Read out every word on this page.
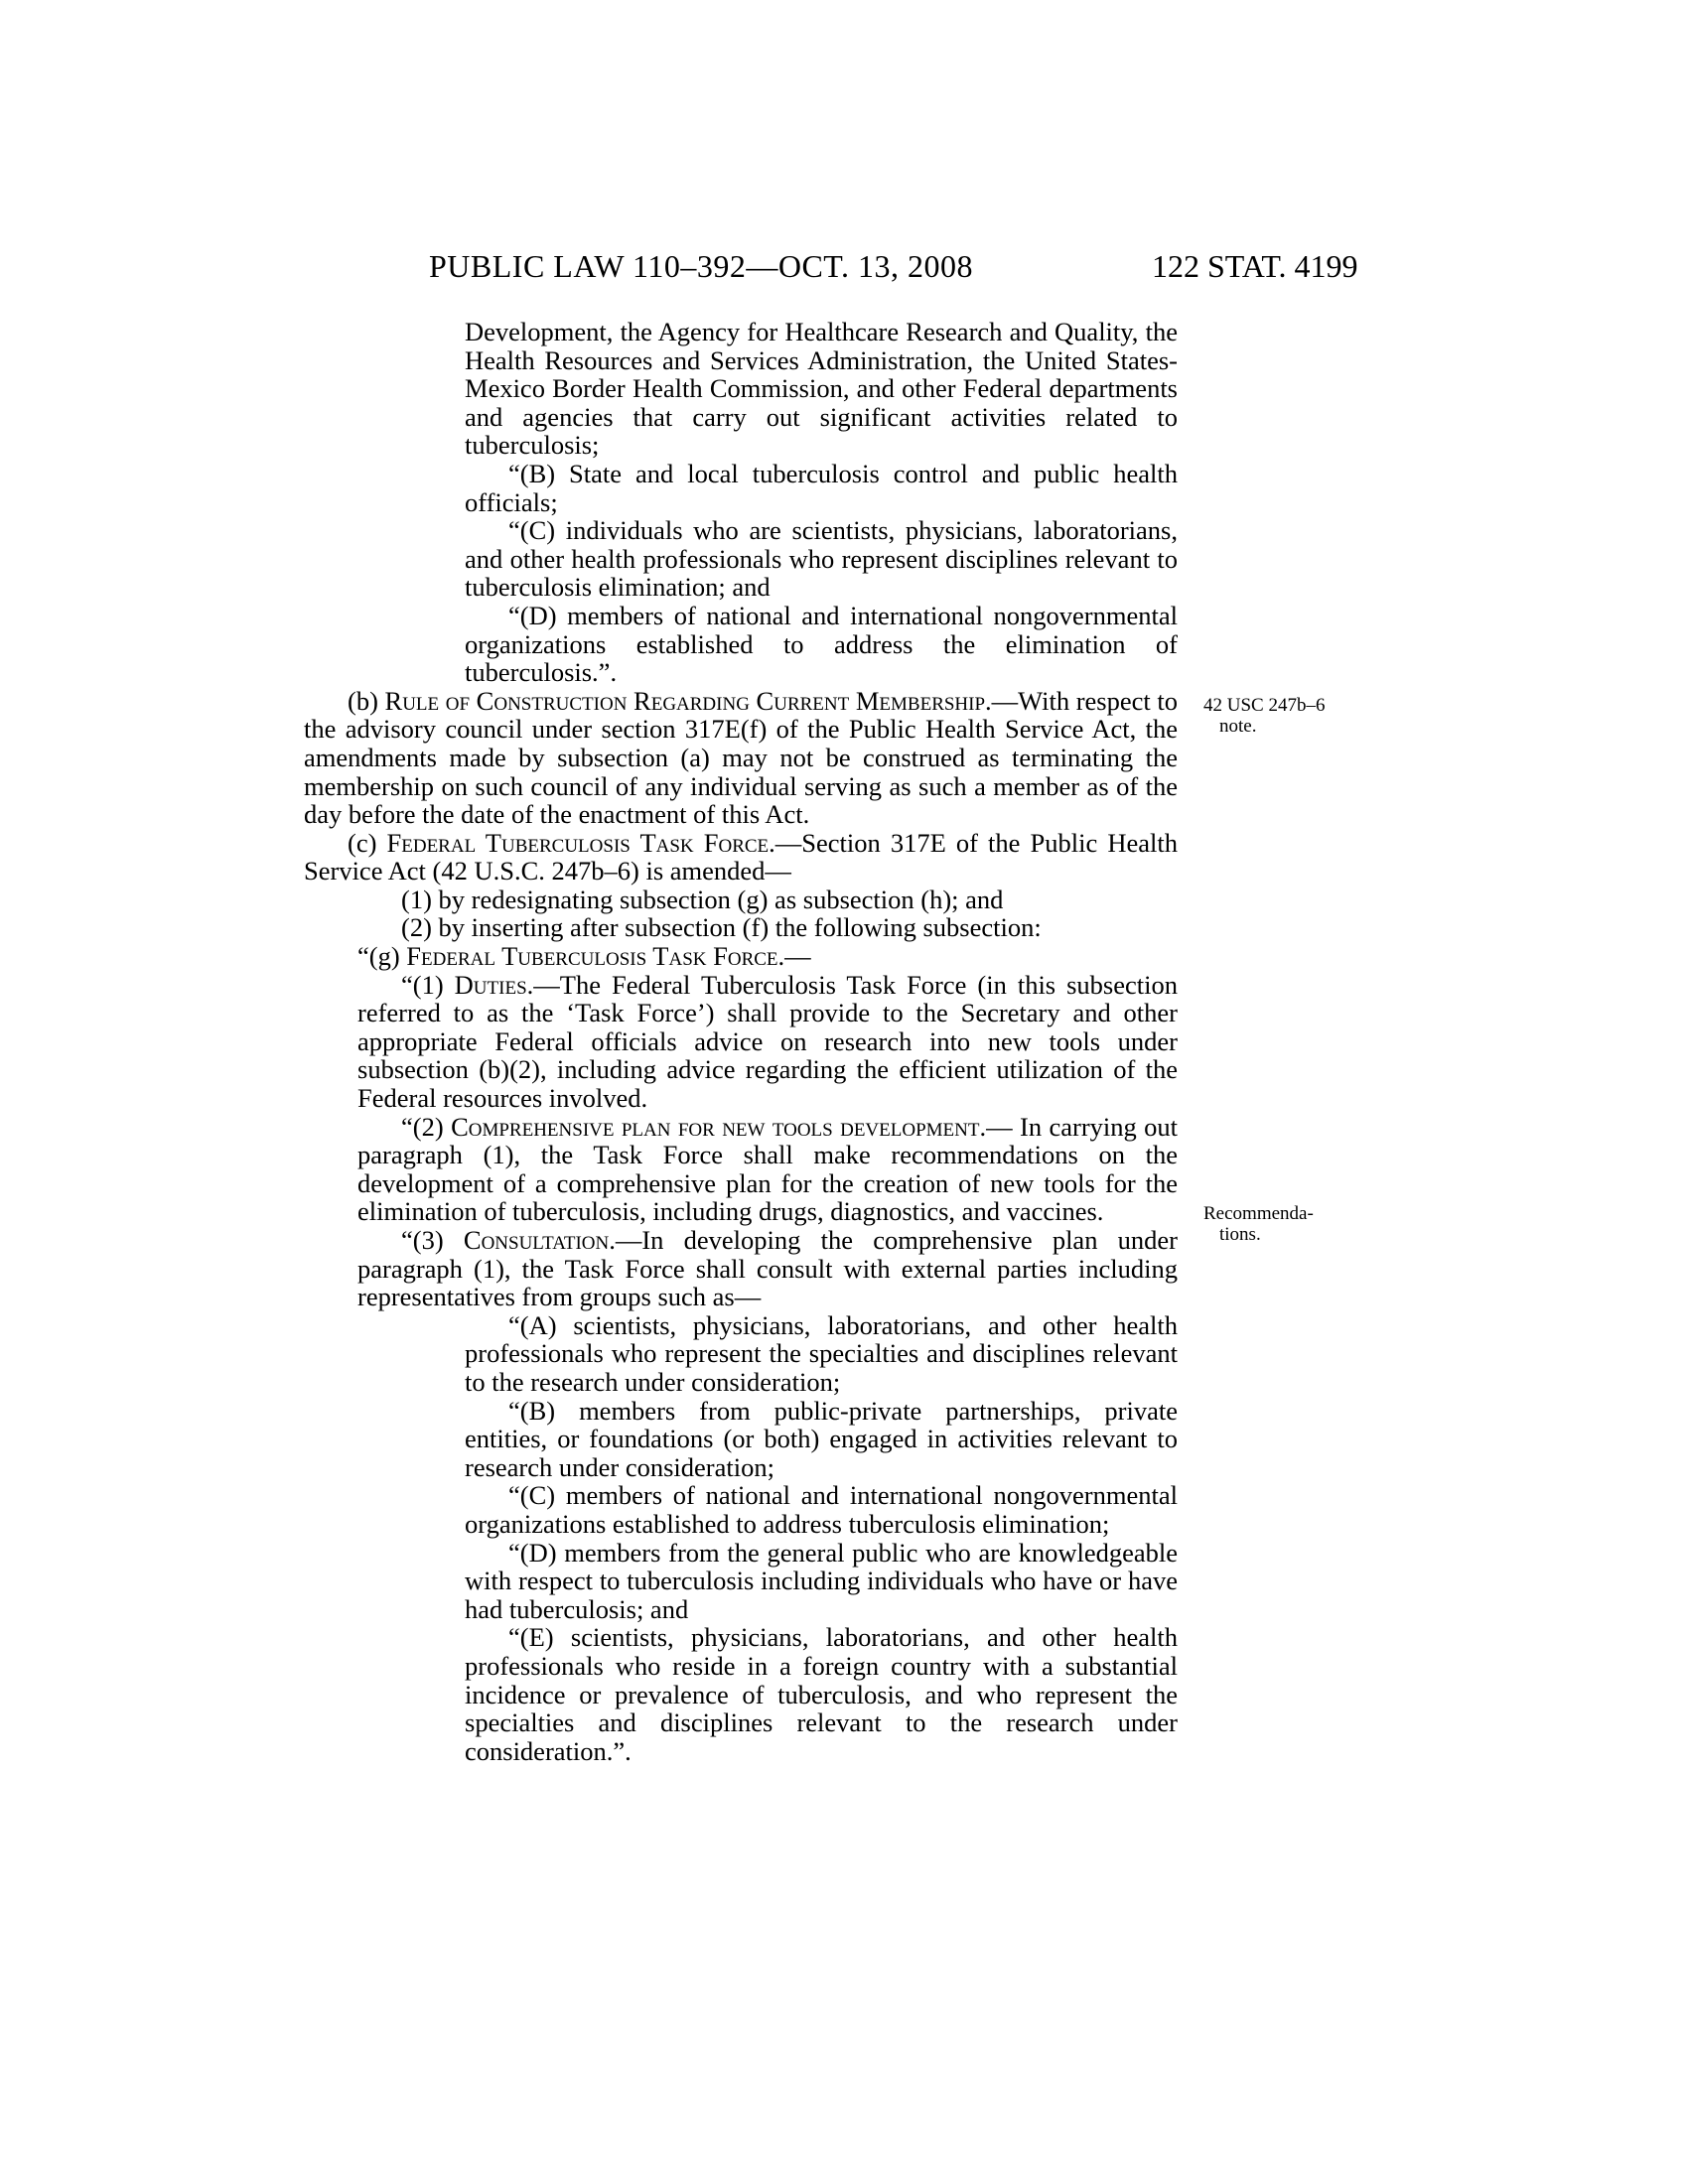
PUBLIC LAW 110–392—OCT. 13, 2008	122 STAT. 4199
42 USC 247b–6
note.
Recommenda-
tions.

Development, the Agency for Healthcare Research and Quality, the Health Resources and Services Administration, the United States-Mexico Border Health Commission, and other Federal departments and agencies that carry out significant activities related to tuberculosis;

“(B) State and local tuberculosis control and public health officials;

“(C) individuals who are scientists, physicians, laboratorians, and other health professionals who represent disciplines relevant to tuberculosis elimination; and

“(D) members of national and international nongovernmental organizations established to address the elimination of tuberculosis.”.

(b) Rule of Construction Regarding Current Membership.—With respect to the advisory council under section 317E(f) of the Public Health Service Act, the amendments made by subsection (a) may not be construed as terminating the membership on such council of any individual serving as such a member as of the day before the date of the enactment of this Act.

(c) Federal Tuberculosis Task Force.—Section 317E of the Public Health Service Act (42 U.S.C. 247b–6) is amended—

(1) by redesignating subsection (g) as subsection (h); and

(2) by inserting after subsection (f) the following subsection:

“(g) Federal Tuberculosis Task Force.—

“(1) Duties.—The Federal Tuberculosis Task Force (in this subsection referred to as the ‘Task Force’) shall provide to the Secretary and other appropriate Federal officials advice on research into new tools under subsection (b)(2), including advice regarding the efficient utilization of the Federal resources involved.

“(2) Comprehensive plan for new tools development.— In carrying out paragraph (1), the Task Force shall make recommendations on the development of a comprehensive plan for the creation of new tools for the elimination of tuberculosis, including drugs, diagnostics, and vaccines.

“(3) Consultation.—In developing the comprehensive plan under paragraph (1), the Task Force shall consult with external parties including representatives from groups such as—

“(A) scientists, physicians, laboratorians, and other health professionals who represent the specialties and disciplines relevant to the research under consideration;

“(B) members from public-private partnerships, private entities, or foundations (or both) engaged in activities relevant to research under consideration;

“(C) members of national and international nongovernmental organizations established to address tuberculosis elimination;

“(D) members from the general public who are knowledgeable with respect to tuberculosis including individuals who have or have had tuberculosis; and

“(E) scientists, physicians, laboratorians, and other health professionals who reside in a foreign country with a substantial incidence or prevalence of tuberculosis, and who represent the specialties and disciplines relevant to the research under consideration.”.
